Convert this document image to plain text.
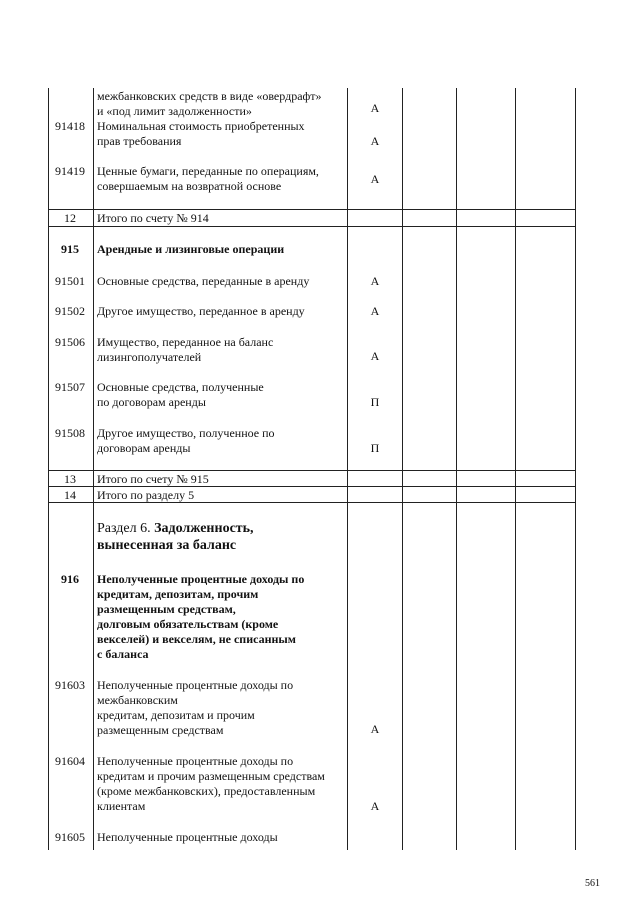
межбанковских средств в виде «овердрафт»
и «под лимит задолженности»	А
91418	Номинальная стоимость приобретенных
прав требования	А
91419	Ценные бумаги, переданные по операциям,
совершаемым на возвратной основе	А
12	Итого по счету № 914
915	Арендные и лизинговые операции
91501	Основные средства, переданные в аренду	А
91502	Другое имущество, переданное в аренду	А
91506	Имущество, переданное на баланс
лизингополучателей	А
91507	Основные средства, полученные
по договорам аренды	П
91508	Другое имущество, полученное по
договорам аренды	П
13	Итого по счету № 915
14	Итого по разделу 5
Раздел 6. Задолженность,
вынесенная за баланс
916	Неполученные процентные доходы по
кредитам, депозитам, прочим
размещенным средствам,
долговым обязательствам (кроме
векселей) и векселям, не списанным
с баланса
91603	Неполученные процентные доходы по
межбанковским
кредитам, депозитам и прочим
размещенным средствам	А
91604	Неполученные процентные доходы по
кредитам и прочим размещенным средствам
(кроме межбанковских), предоставленным
клиентам	А
91605	Неполученные процентные доходы
561
